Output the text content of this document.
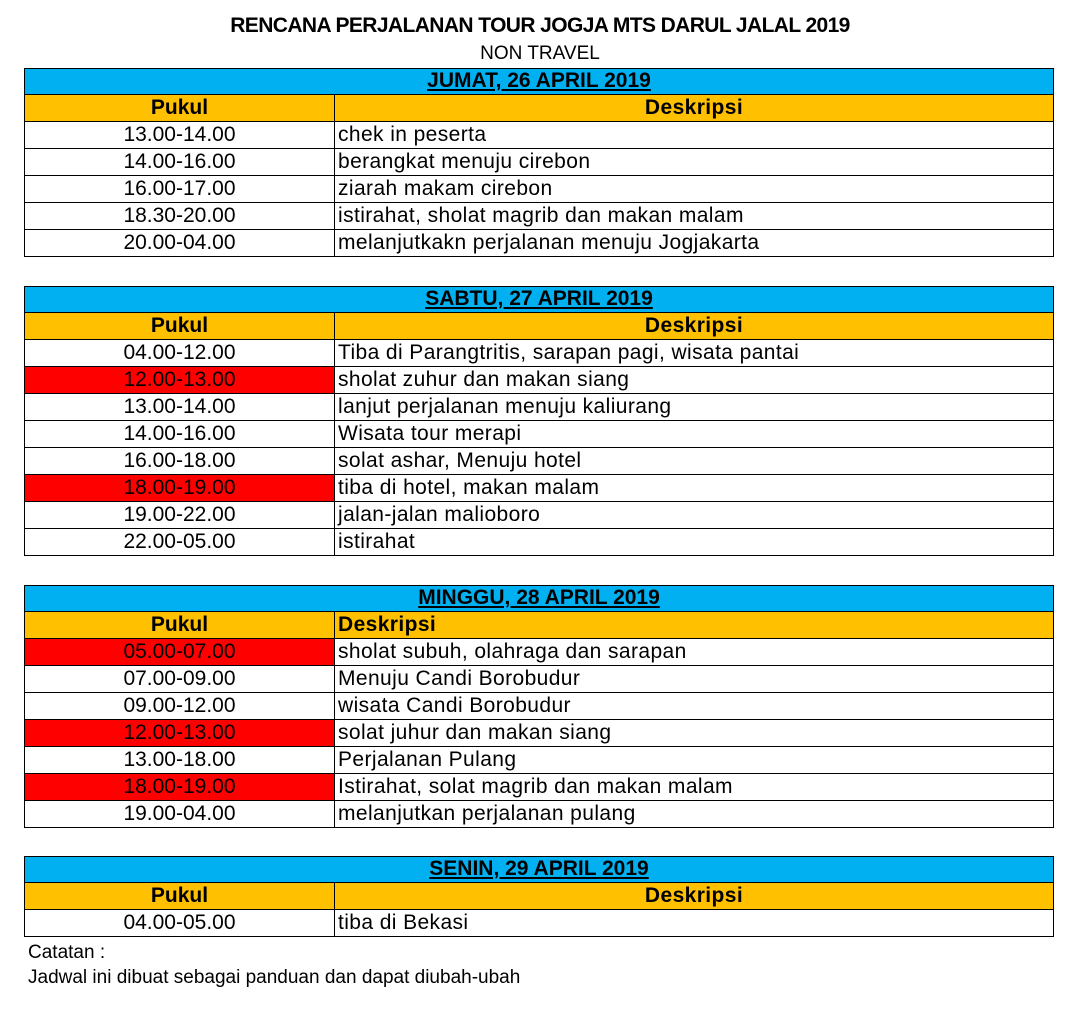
RENCANA PERJALANAN TOUR JOGJA MTS DARUL JALAL 2019
NON TRAVEL
JUMAT, 26 APRIL 2019
Pukul	Deskripsi
13.00-14.00	chek in peserta
14.00-16.00	berangkat menuju cirebon
16.00-17.00	ziarah makam cirebon
18.30-20.00	istirahat, sholat magrib dan makan malam
20.00-04.00	melanjutkakn perjalanan menuju Jogjakarta
SABTU, 27 APRIL 2019
Pukul	Deskripsi
04.00-12.00	Tiba di Parangtritis, sarapan pagi, wisata pantai
12.00-13.00	sholat zuhur dan makan siang
13.00-14.00	lanjut perjalanan menuju kaliurang
14.00-16.00	Wisata tour merapi
16.00-18.00	solat ashar, Menuju hotel
18.00-19.00	tiba di hotel, makan malam
19.00-22.00	jalan-jalan malioboro
22.00-05.00	istirahat
MINGGU, 28 APRIL 2019
Pukul	Deskripsi
05.00-07.00	sholat subuh, olahraga dan sarapan
07.00-09.00	Menuju Candi Borobudur
09.00-12.00	wisata Candi Borobudur
12.00-13.00	solat juhur dan makan siang
13.00-18.00	Perjalanan Pulang
18.00-19.00	Istirahat, solat magrib dan makan malam
19.00-04.00	melanjutkan perjalanan pulang
SENIN, 29 APRIL 2019
Pukul	Deskripsi
04.00-05.00	tiba di Bekasi
Catatan :
Jadwal ini dibuat sebagai panduan dan dapat diubah-ubah
